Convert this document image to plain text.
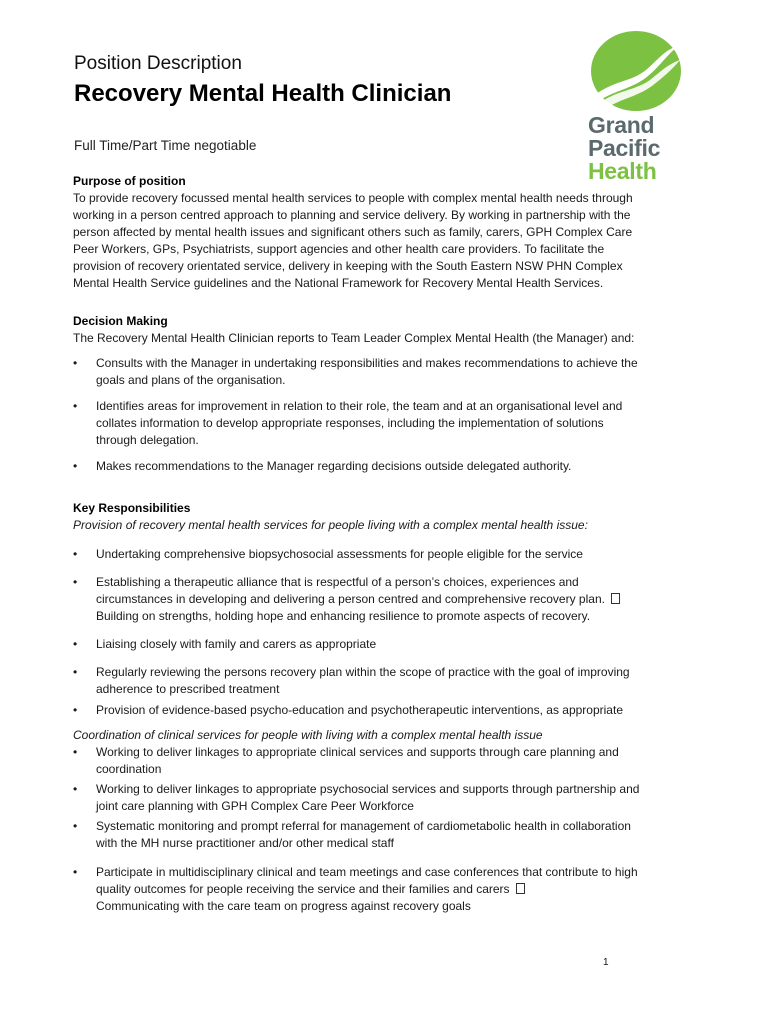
Position Description
Recovery Mental Health Clinician
Full Time/Part Time negotiable
Grand
Pacific
Health
Purpose of position
To provide recovery focussed mental health services to people with complex mental health needs through
working in a person centred approach to planning and service delivery. By working in partnership with the
person affected by mental health issues and significant others such as family, carers, GPH Complex Care
Peer Workers, GPs, Psychiatrists, support agencies and other health care providers. To facilitate the
provision of recovery orientated service, delivery in keeping with the South Eastern NSW PHN Complex
Mental Health Service guidelines and the National Framework for Recovery Mental Health Services.
Decision Making
The Recovery Mental Health Clinician reports to Team Leader Complex Mental Health (the Manager) and:
• Consults with the Manager in undertaking responsibilities and makes recommendations to achieve the
goals and plans of the organisation.
• Identifies areas for improvement in relation to their role, the team and at an organisational level and
collates information to develop appropriate responses, including the implementation of solutions
through delegation.
• Makes recommendations to the Manager regarding decisions outside delegated authority.
Key Responsibilities
Provision of recovery mental health services for people living with a complex mental health issue:
• Undertaking comprehensive biopsychosocial assessments for people eligible for the service
• Establishing a therapeutic alliance that is respectful of a person’s choices, experiences and
circumstances in developing and delivering a person centred and comprehensive recovery plan.
Building on strengths, holding hope and enhancing resilience to promote aspects of recovery.
• Liaising closely with family and carers as appropriate
• Regularly reviewing the persons recovery plan within the scope of practice with the goal of improving
adherence to prescribed treatment
• Provision of evidence-based psycho-education and psychotherapeutic interventions, as appropriate
Coordination of clinical services for people with living with a complex mental health issue
• Working to deliver linkages to appropriate clinical services and supports through care planning and
coordination
• Working to deliver linkages to appropriate psychosocial services and supports through partnership and
joint care planning with GPH Complex Care Peer Workforce
• Systematic monitoring and prompt referral for management of cardiometabolic health in collaboration
with the MH nurse practitioner and/or other medical staff
• Participate in multidisciplinary clinical and team meetings and case conferences that contribute to high
quality outcomes for people receiving the service and their families and carers
Communicating with the care team on progress against recovery goals
1
